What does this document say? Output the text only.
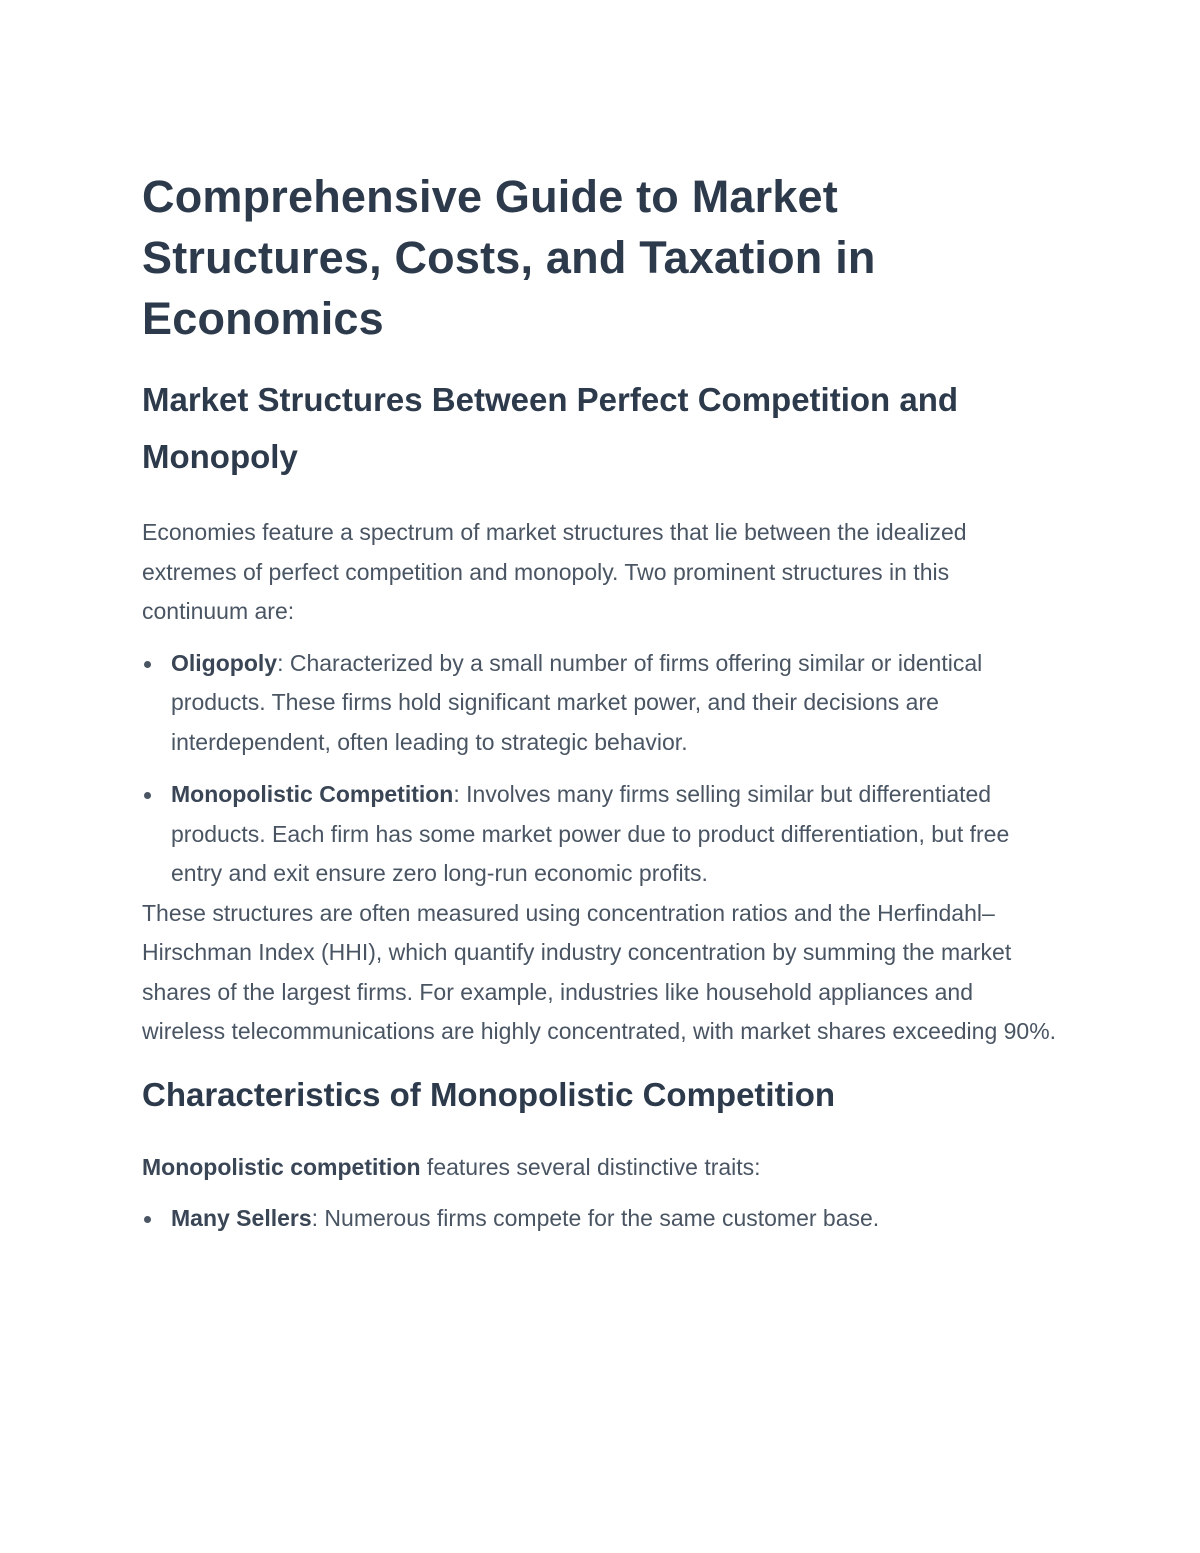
Comprehensive Guide to Market Structures, Costs, and Taxation in Economics
Market Structures Between Perfect Competition and Monopoly

Economies feature a spectrum of market structures that lie between the idealized extremes of perfect competition and monopoly. Two prominent structures in this continuum are:

Oligopoly: Characterized by a small number of firms offering similar or identical products. These firms hold significant market power, and their decisions are interdependent, often leading to strategic behavior.
Monopolistic Competition: Involves many firms selling similar but differentiated products. Each firm has some market power due to product differentiation, but free entry and exit ensure zero long-run economic profits.

These structures are often measured using concentration ratios and the Herfindahl–Hirschman Index (HHI), which quantify industry concentration by summing the market shares of the largest firms. For example, industries like household appliances and wireless telecommunications are highly concentrated, with market shares exceeding 90%.

Characteristics of Monopolistic Competition

Monopolistic competition features several distinctive traits:

Many Sellers: Numerous firms compete for the same customer base.
